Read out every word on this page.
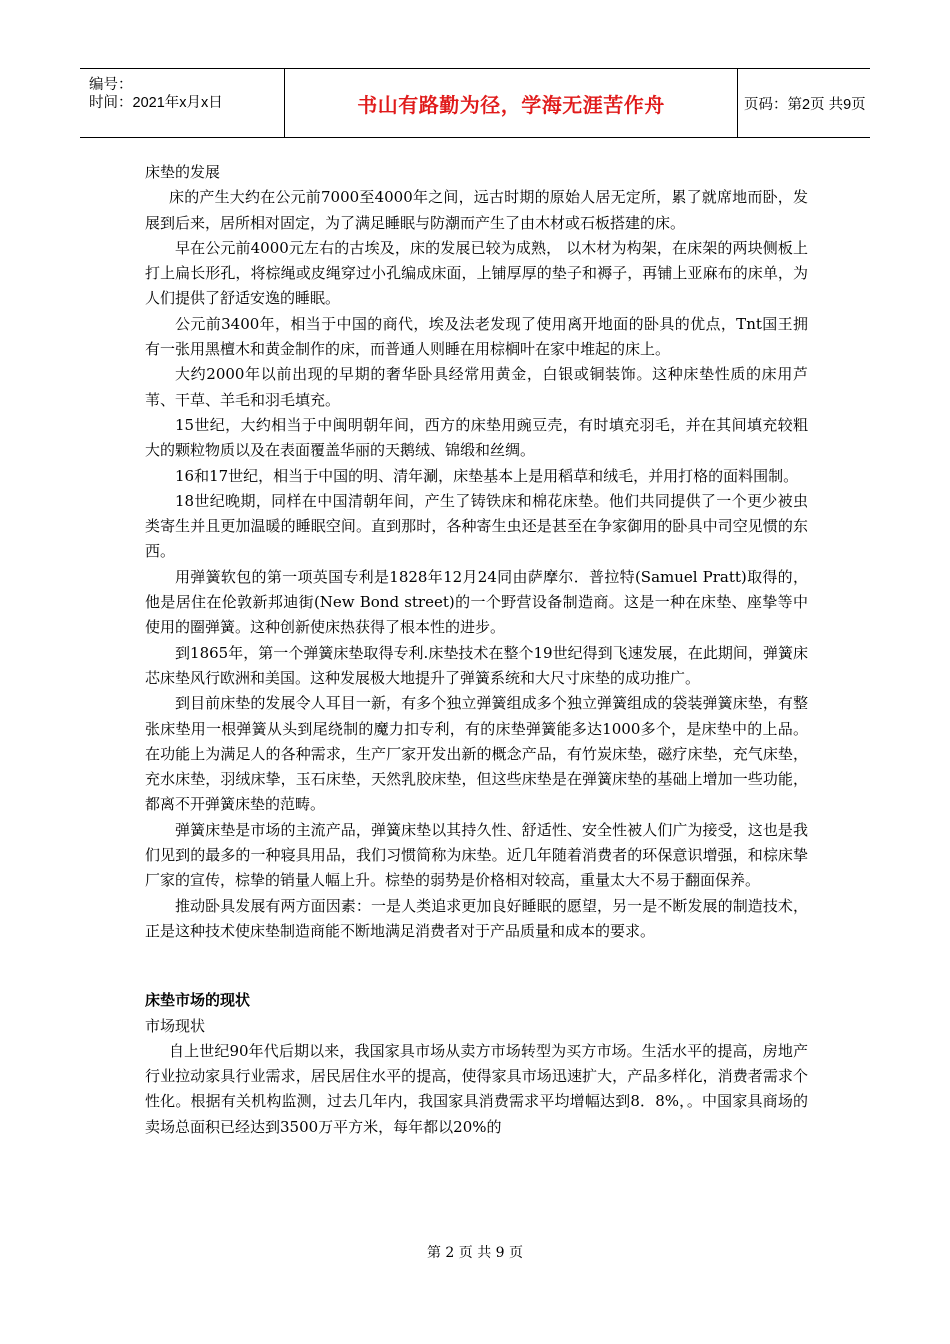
编号：
时间：2021年x月x日	书山有路勤为径，学海无涯苦作舟	页码：第2页 共9页

床垫的发展

床的产生大约在公元前7000至4000年之间，远古时期的原始人居无定所，累了就席地而卧，发展到后来，居所相对固定，为了满足睡眠与防潮而产生了由木材或石板搭建的床。

早在公元前4000元左右的古埃及，床的发展已较为成熟， 以木材为构架，在床架的两块侧板上打上扁长形孔，将棕绳或皮绳穿过小孔编成床面，上铺厚厚的垫子和褥子，再铺上亚麻布的床单，为人们提供了舒适安逸的睡眠。

公元前3400年，相当于中国的商代，埃及法老发现了使用离开地面的卧具的优点，Tnt国王拥有一张用黑檀木和黄金制作的床，而普通人则睡在用棕榈叶在家中堆起的床上。

大约2000年以前出现的早期的奢华卧具经常用黄金，白银或铜装饰。这种床垫性质的床用芦苇、干草、羊毛和羽毛填充。

15世纪，大约相当于中闽明朝年间，西方的床垫用豌豆壳，有时填充羽毛，并在其间填充较粗大的颗粒物质以及在表面覆盖华丽的天鹅绒、锦缎和丝绸。

16和17世纪，相当于中国的明、清年涮，床垫基本上是用稻草和绒毛，并用打格的面料围制。

18世纪晚期，同样在中国清朝年间，产生了铸铁床和棉花床垫。他们共同提供了一个更少被虫类寄生并且更加温暖的睡眠空间。直到那时，各种寄生虫还是甚至在争家御用的卧具中司空见惯的东西。

用弹簧软包的第一项英国专利是1828年12月24同由萨摩尔．普拉特(Samuel Pratt)取得的，他是居住在伦敦新邦迪街(New Bond street)的一个野营设备制造商。这是一种在床垫、座挚等中使用的圈弹簧。这种创新使床热获得了根本性的进步。

到1865年，第一个弹簧床垫取得专利.床垫技术在整个19世纪得到飞速发展，在此期间，弹簧床芯床垫风行欧洲和美国。这种发展极大地提升了弹簧系统和大尺寸床垫的成功推广。

到目前床垫的发展令人耳目一新，有多个独立弹簧组成多个独立弹簧组成的袋装弹簧床垫，有整张床垫用一根弹簧从头到尾绕制的魔力扣专利，有的床垫弹簧能多达1000多个，是床垫中的上品。在功能上为满足人的各种需求，生产厂家开发出新的概念产品，有竹炭床垫，磁疗床垫，充气床垫，充水床垫，羽绒床挚，玉石床垫，天然乳胶床垫，但这些床垫是在弹簧床垫的基础上增加一些功能，都离不开弹簧床垫的范畴。

弹簧床垫是市场的主流产品，弹簧床垫以其持久性、舒适性、安全性被人们广为接受，这也是我们见到的最多的一种寝具用品，我们习惯简称为床垫。近几年随着消费者的环保意识增强，和棕床挚厂家的宣传，棕挚的销量人幅上升。棕垫的弱势是价格相对较高，重量太大不易于翻面保养。

推动卧具发展有两方面因素：一是人类追求更加良好睡眠的愿望，另一是不断发展的制造技术，正是这种技术使床垫制造商能不断地满足消费者对于产品质量和成本的要求。

床垫市场的现状

市场现状

自上世纪90年代后期以来，我国家具市场从卖方市场转型为买方市场。生活水平的提高，房地产行业拉动家具行业需求，居民居住水平的提高，使得家具市场迅速扩大，产品多样化，消费者需求个性化。根据有关机构监测，过去几年内，我国家具消费需求平均增幅达到8．8%，。中国家具商场的卖场总面积已经达到3500万平方米，每年都以20%的

第 2 页 共 9 页
